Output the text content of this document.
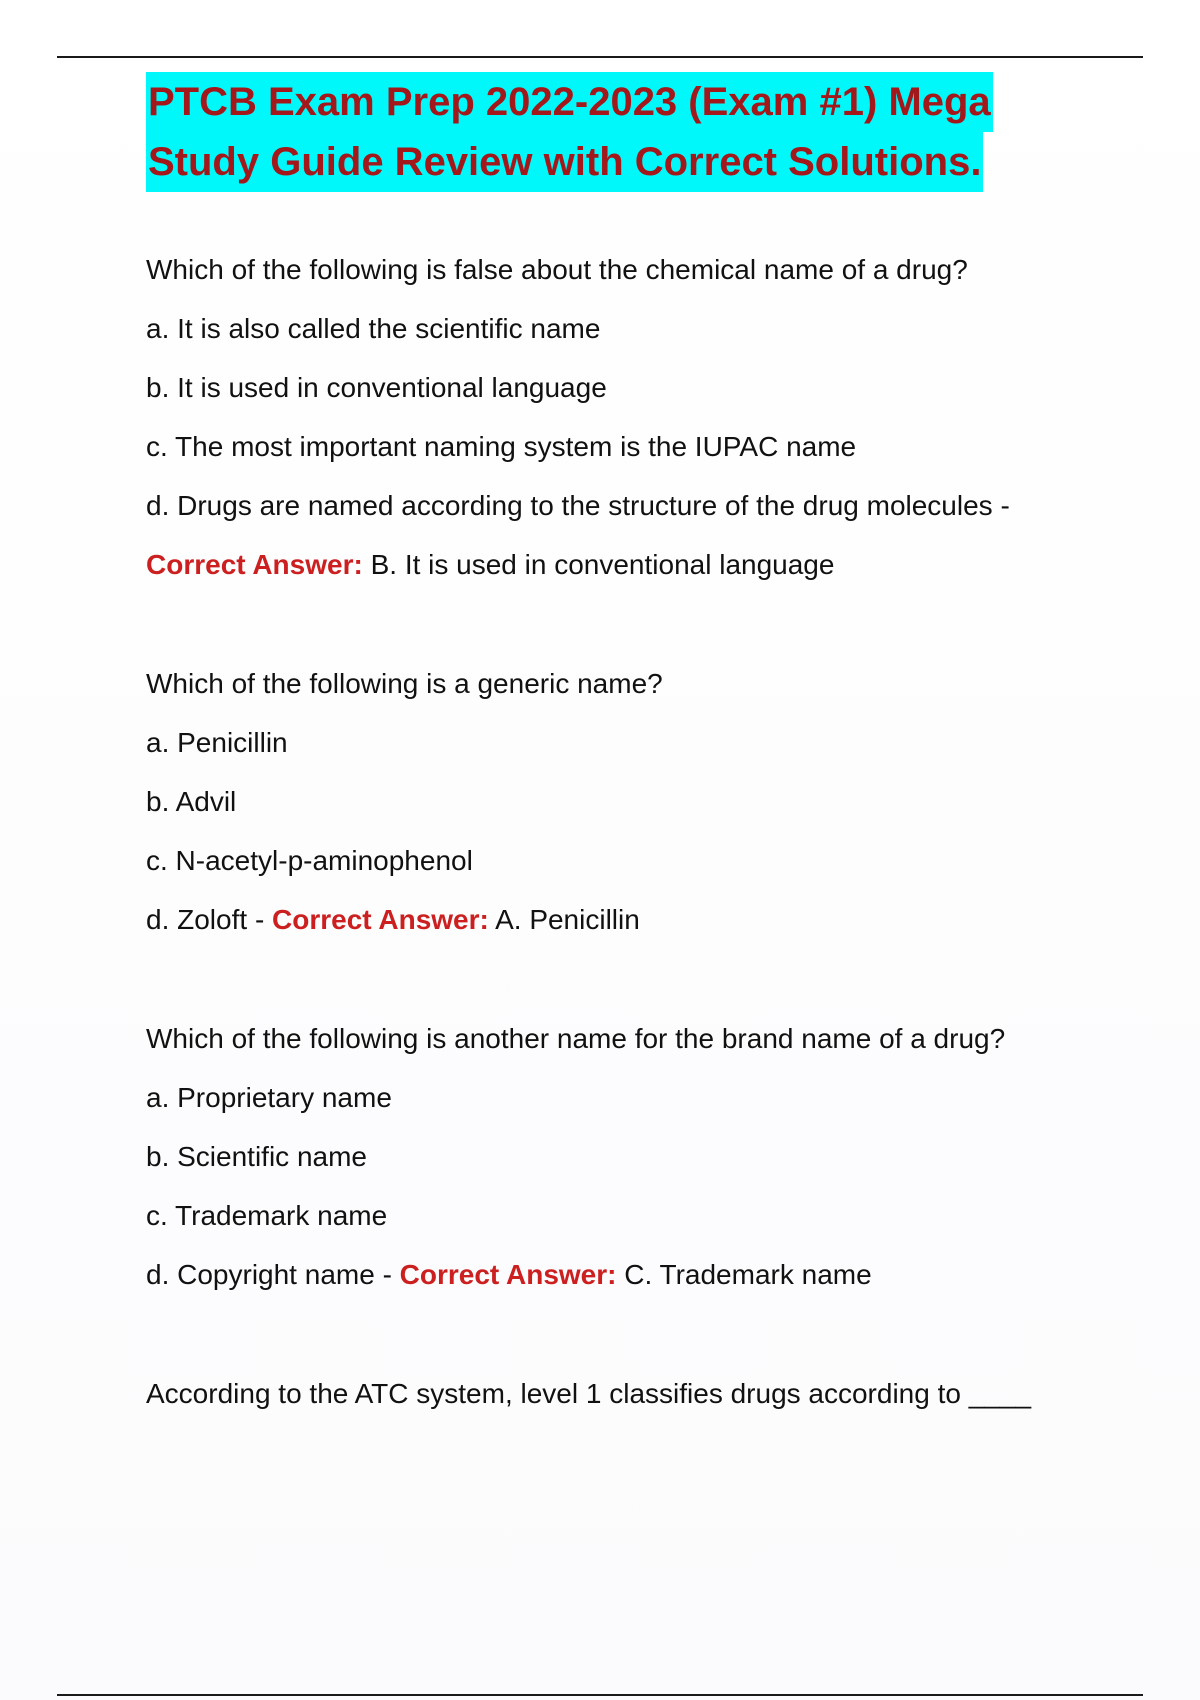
PTCB Exam Prep 2022-2023 (Exam #1) Mega
Study Guide Review with Correct Solutions.

Which of the following is false about the chemical name of a drug?

a. It is also called the scientific name

b. It is used in conventional language

c. The most important naming system is the IUPAC name

d. Drugs are named according to the structure of the drug molecules -

Correct Answer: B. It is used in conventional language

Which of the following is a generic name?

a. Penicillin

b. Advil

c. N-acetyl-p-aminophenol

d. Zoloft - Correct Answer: A. Penicillin

Which of the following is another name for the brand name of a drug?

a. Proprietary name

b. Scientific name

c. Trademark name

d. Copyright name - Correct Answer: C. Trademark name

According to the ATC system, level 1 classifies drugs according to ____
